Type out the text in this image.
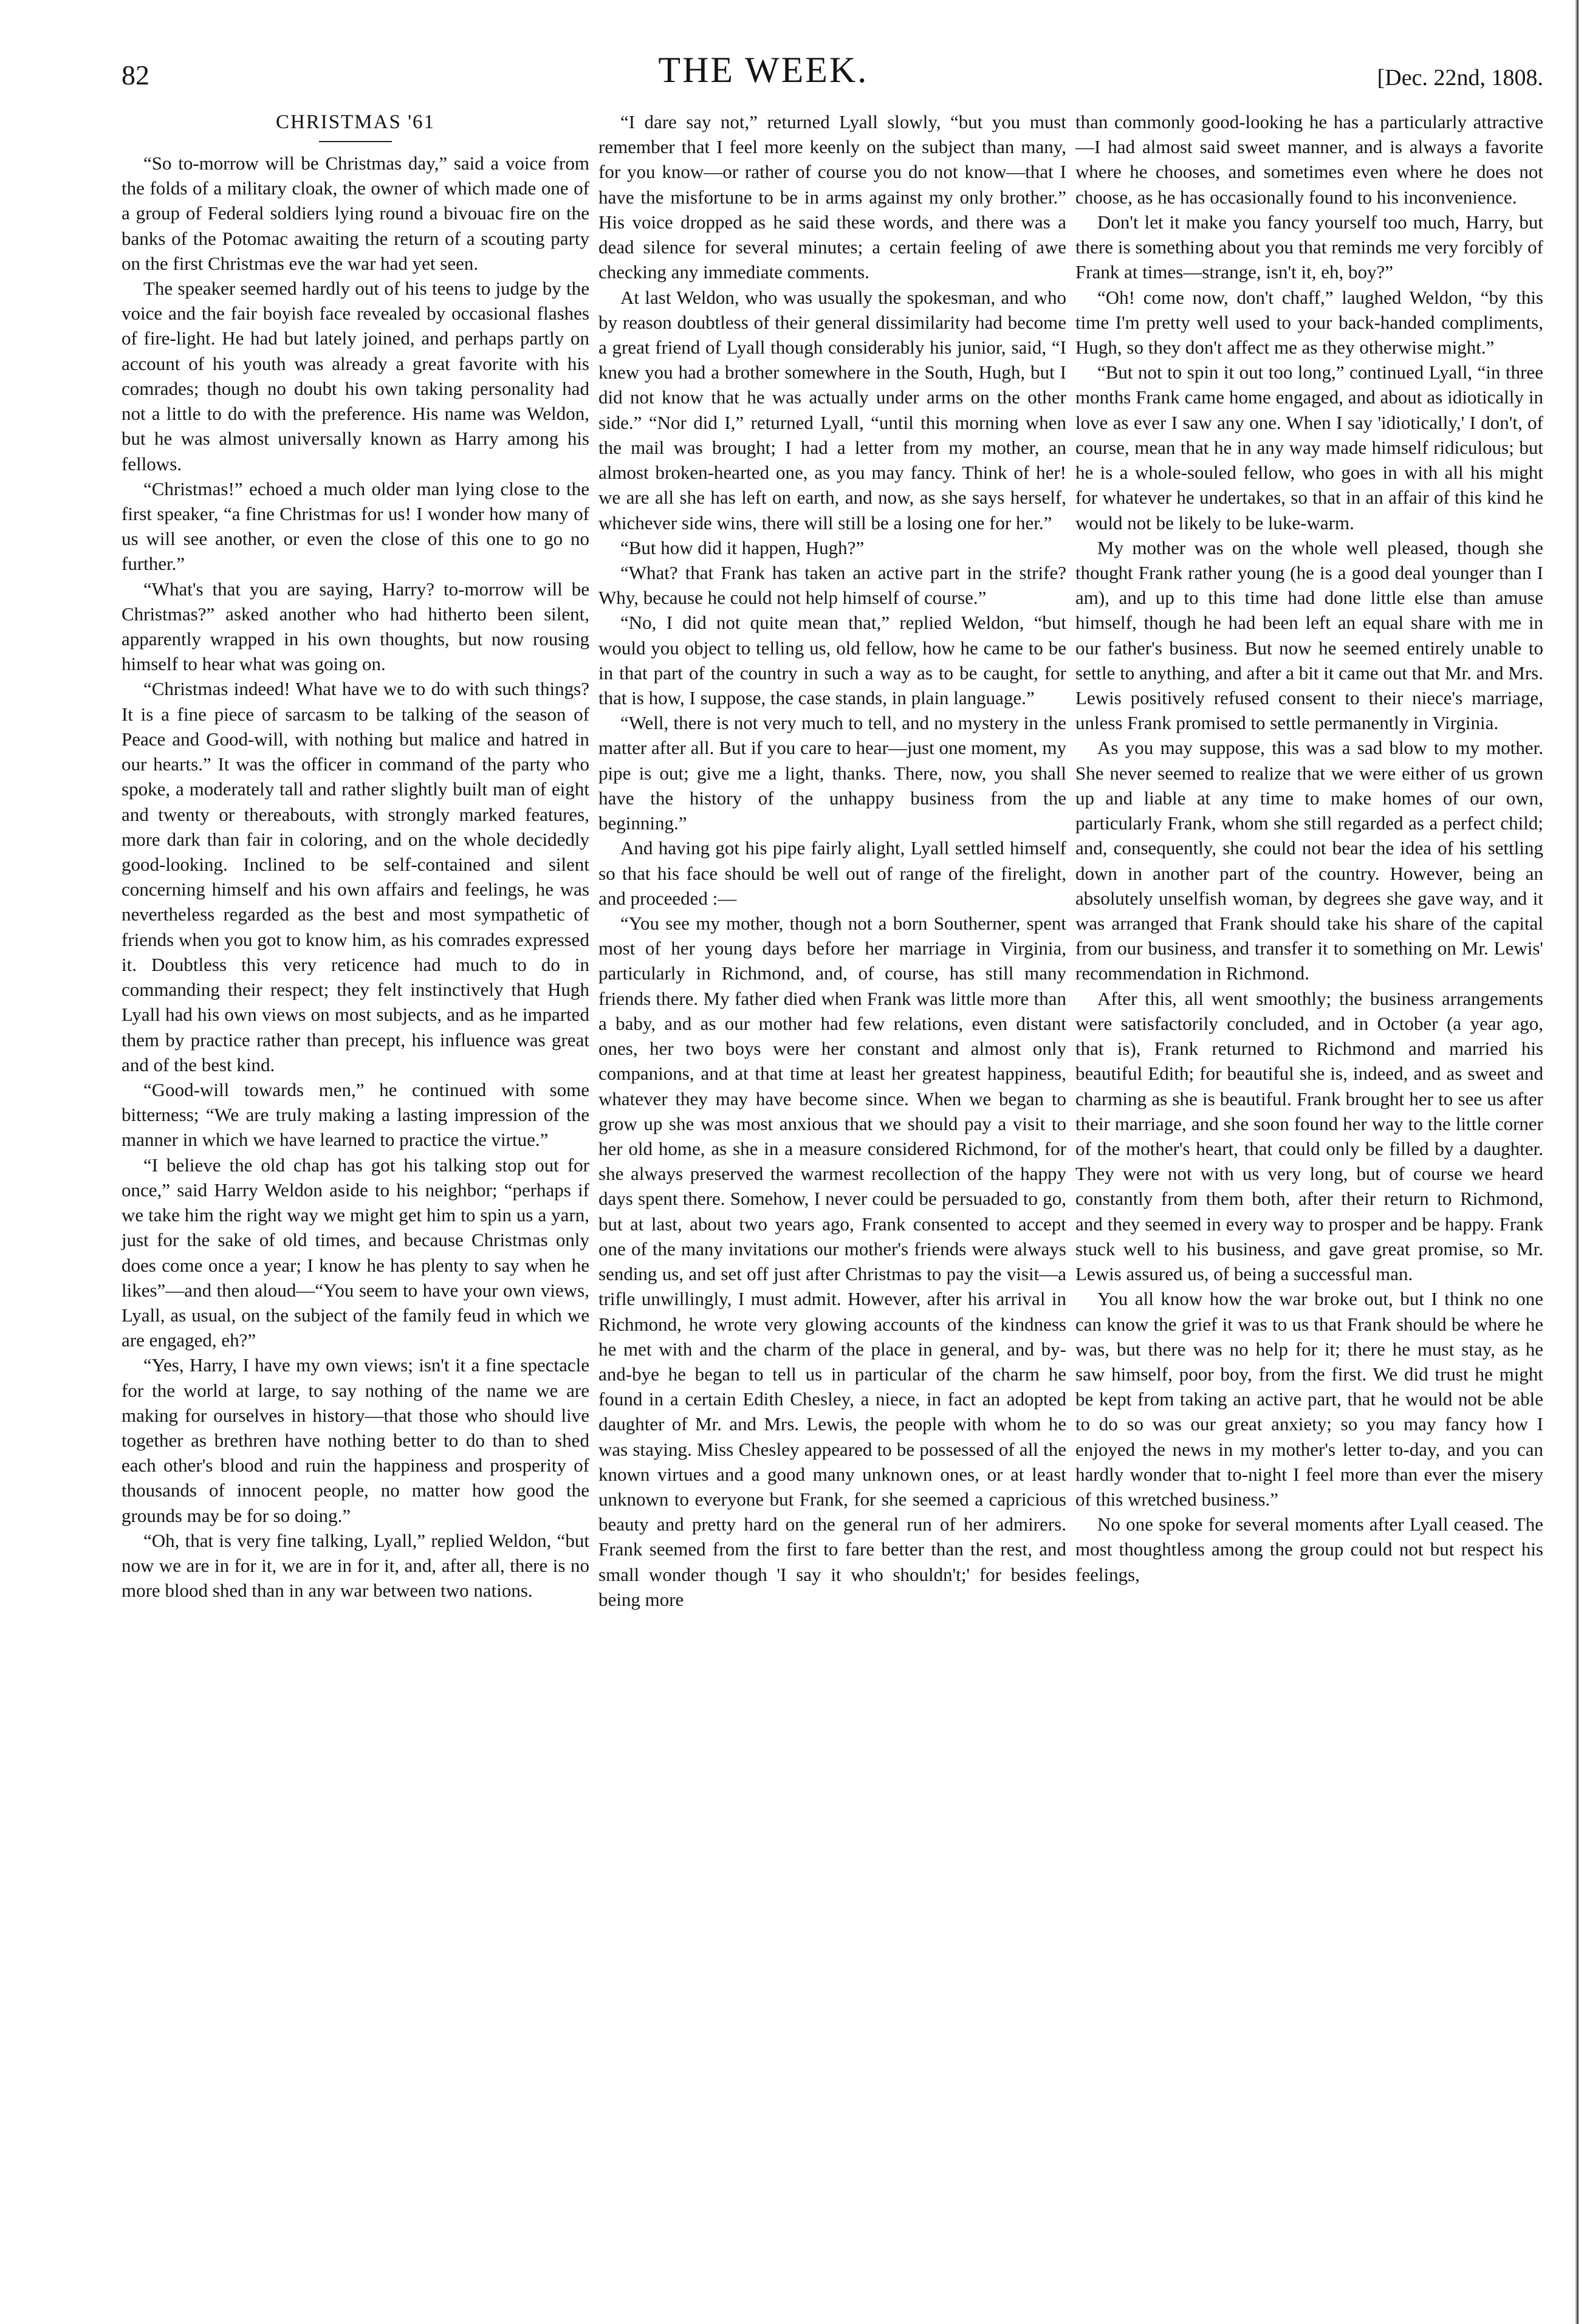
82	THE WEEK.	[Dec. 22nd, 1808.
CHRISTMAS '61

“So to-morrow will be Christmas day,” said a voice from the folds of a military cloak, the owner of which made one of a group of Federal soldiers lying round a bivouac fire on the banks of the Potomac awaiting the return of a scouting party on the first Christmas eve the war had yet seen.

The speaker seemed hardly out of his teens to judge by the voice and the fair boyish face revealed by occasional flashes of fire-light. He had but lately joined, and perhaps partly on account of his youth was already a great favorite with his comrades; though no doubt his own taking personality had not a little to do with the preference. His name was Weldon, but he was almost universally known as Harry among his fellows.

“Christmas!” echoed a much older man lying close to the first speaker, “a fine Christmas for us! I wonder how many of us will see another, or even the close of this one to go no further.”

“What's that you are saying, Harry? to-morrow will be Christmas?” asked another who had hitherto been silent, apparently wrapped in his own thoughts, but now rousing himself to hear what was going on.

“Christmas indeed! What have we to do with such things? It is a fine piece of sarcasm to be talking of the season of Peace and Good-will, with nothing but malice and hatred in our hearts.” It was the officer in command of the party who spoke, a moderately tall and rather slightly built man of eight and twenty or thereabouts, with strongly marked features, more dark than fair in coloring, and on the whole decidedly good-looking. Inclined to be self-contained and silent concerning himself and his own affairs and feelings, he was nevertheless regarded as the best and most sympathetic of friends when you got to know him, as his comrades expressed it. Doubtless this very reticence had much to do in commanding their respect; they felt instinctively that Hugh Lyall had his own views on most subjects, and as he imparted them by practice rather than precept, his influence was great and of the best kind.

“Good-will towards men,” he continued with some bitterness; “We are truly making a lasting impression of the manner in which we have learned to practice the virtue.”

“I believe the old chap has got his talking stop out for once,” said Harry Weldon aside to his neighbor; “perhaps if we take him the right way we might get him to spin us a yarn, just for the sake of old times, and because Christmas only does come once a year; I know he has plenty to say when he likes”—and then aloud—“You seem to have your own views, Lyall, as usual, on the subject of the family feud in which we are engaged, eh?”

“Yes, Harry, I have my own views; isn't it a fine spectacle for the world at large, to say nothing of the name we are making for ourselves in history—that those who should live together as brethren have nothing better to do than to shed each other's blood and ruin the happiness and prosperity of thousands of innocent people, no matter how good the grounds may be for so doing.”

“Oh, that is very fine talking, Lyall,” replied Weldon, “but now we are in for it, we are in for it, and, after all, there is no more blood shed than in any war between two nations.

“I dare say not,” returned Lyall slowly, “but you must remember that I feel more keenly on the subject than many, for you know—or rather of course you do not know—that I have the misfortune to be in arms against my only brother.” His voice dropped as he said these words, and there was a dead silence for several minutes; a certain feeling of awe checking any immediate comments.

At last Weldon, who was usually the spokesman, and who by reason doubtless of their general dissimilarity had become a great friend of Lyall though considerably his junior, said, “I knew you had a brother somewhere in the South, Hugh, but I did not know that he was actually under arms on the other side.” “Nor did I,” returned Lyall, “until this morning when the mail was brought; I had a letter from my mother, an almost broken-hearted one, as you may fancy. Think of her! we are all she has left on earth, and now, as she says herself, whichever side wins, there will still be a losing one for her.”

“But how did it happen, Hugh?”

“What? that Frank has taken an active part in the strife? Why, because he could not help himself of course.”

“No, I did not quite mean that,” replied Weldon, “but would you object to telling us, old fellow, how he came to be in that part of the country in such a way as to be caught, for that is how, I suppose, the case stands, in plain language.”

“Well, there is not very much to tell, and no mystery in the matter after all. But if you care to hear—just one moment, my pipe is out; give me a light, thanks. There, now, you shall have the history of the unhappy business from the beginning.”

And having got his pipe fairly alight, Lyall settled himself so that his face should be well out of range of the firelight, and proceeded :—

“You see my mother, though not a born Southerner, spent most of her young days before her marriage in Virginia, particularly in Richmond, and, of course, has still many friends there. My father died when Frank was little more than a baby, and as our mother had few relations, even distant ones, her two boys were her constant and almost only companions, and at that time at least her greatest happiness, whatever they may have become since. When we began to grow up she was most anxious that we should pay a visit to her old home, as she in a measure considered Richmond, for she always preserved the warmest recollection of the happy days spent there. Somehow, I never could be persuaded to go, but at last, about two years ago, Frank consented to accept one of the many invitations our mother's friends were always sending us, and set off just after Christmas to pay the visit—a trifle unwillingly, I must admit. However, after his arrival in Richmond, he wrote very glowing accounts of the kindness he met with and the charm of the place in general, and by-and-bye he began to tell us in particular of the charm he found in a certain Edith Chesley, a niece, in fact an adopted daughter of Mr. and Mrs. Lewis, the people with whom he was staying. Miss Chesley appeared to be possessed of all the known virtues and a good many unknown ones, or at least unknown to everyone but Frank, for she seemed a capricious beauty and pretty hard on the general run of her admirers. Frank seemed from the first to fare better than the rest, and small wonder though 'I say it who shouldn't;' for besides being more

than commonly good-looking he has a particularly attractive—I had almost said sweet manner, and is always a favorite where he chooses, and sometimes even where he does not choose, as he has occasionally found to his inconvenience.

Don't let it make you fancy yourself too much, Harry, but there is something about you that reminds me very forcibly of Frank at times—strange, isn't it, eh, boy?”

“Oh! come now, don't chaff,” laughed Weldon, “by this time I'm pretty well used to your back-handed compliments, Hugh, so they don't affect me as they otherwise might.”

“But not to spin it out too long,” continued Lyall, “in three months Frank came home engaged, and about as idiotically in love as ever I saw any one. When I say 'idiotically,' I don't, of course, mean that he in any way made himself ridiculous; but he is a whole-souled fellow, who goes in with all his might for whatever he undertakes, so that in an affair of this kind he would not be likely to be luke-warm.

My mother was on the whole well pleased, though she thought Frank rather young (he is a good deal younger than I am), and up to this time had done little else than amuse himself, though he had been left an equal share with me in our father's business. But now he seemed entirely unable to settle to anything, and after a bit it came out that Mr. and Mrs. Lewis positively refused consent to their niece's marriage, unless Frank promised to settle permanently in Virginia.

As you may suppose, this was a sad blow to my mother. She never seemed to realize that we were either of us grown up and liable at any time to make homes of our own, particularly Frank, whom she still regarded as a perfect child; and, consequently, she could not bear the idea of his settling down in another part of the country. However, being an absolutely unselfish woman, by degrees she gave way, and it was arranged that Frank should take his share of the capital from our business, and transfer it to something on Mr. Lewis' recommendation in Richmond.

After this, all went smoothly; the business arrangements were satisfactorily concluded, and in October (a year ago, that is), Frank returned to Richmond and married his beautiful Edith; for beautiful she is, indeed, and as sweet and charming as she is beautiful. Frank brought her to see us after their marriage, and she soon found her way to the little corner of the mother's heart, that could only be filled by a daughter. They were not with us very long, but of course we heard constantly from them both, after their return to Richmond, and they seemed in every way to prosper and be happy. Frank stuck well to his business, and gave great promise, so Mr. Lewis assured us, of being a successful man.

You all know how the war broke out, but I think no one can know the grief it was to us that Frank should be where he was, but there was no help for it; there he must stay, as he saw himself, poor boy, from the first. We did trust he might be kept from taking an active part, that he would not be able to do so was our great anxiety; so you may fancy how I enjoyed the news in my mother's letter to-day, and you can hardly wonder that to-night I feel more than ever the misery of this wretched business.”

No one spoke for several moments after Lyall ceased. The most thoughtless among the group could not but respect his feelings,
